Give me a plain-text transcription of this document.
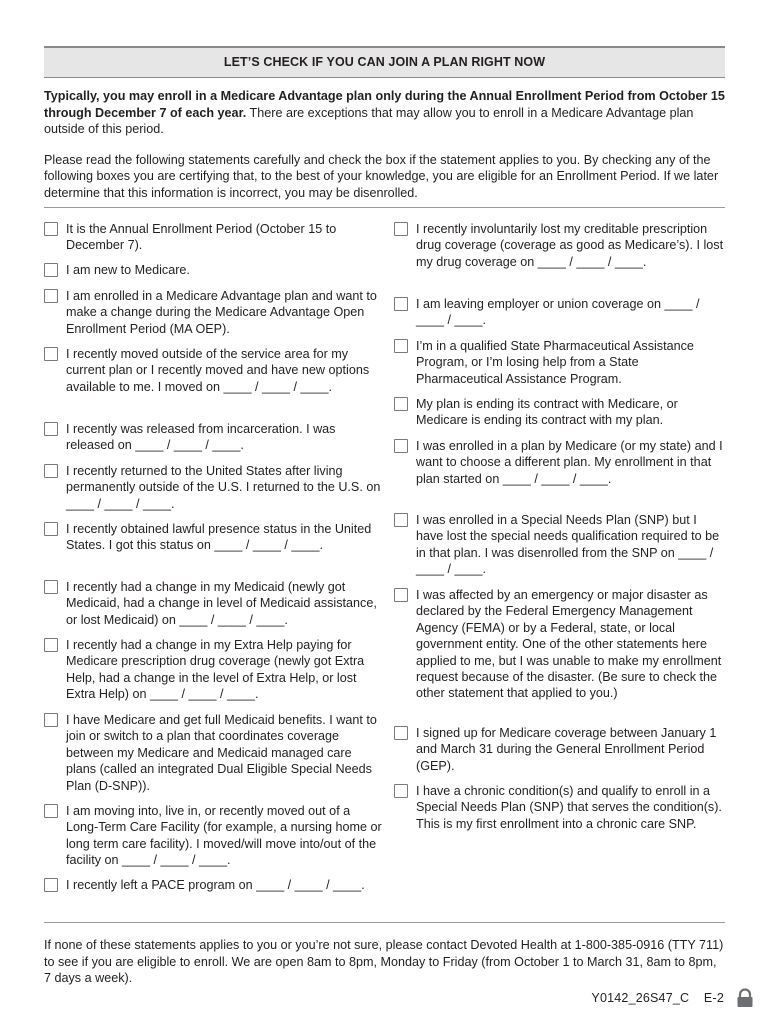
LET’S CHECK IF YOU CAN JOIN A PLAN RIGHT NOW
Typically, you may enroll in a Medicare Advantage plan only during the Annual Enrollment Period from October 15 through December 7 of each year. There are exceptions that may allow you to enroll in a Medicare Advantage plan outside of this period.
Please read the following statements carefully and check the box if the statement applies to you. By checking any of the following boxes you are certifying that, to the best of your knowledge, you are eligible for an Enrollment Period. If we later determine that this information is incorrect, you may be disenrolled.
It is the Annual Enrollment Period (October 15 to December 7).
I am new to Medicare.
I am enrolled in a Medicare Advantage plan and want to make a change during the Medicare Advantage Open Enrollment Period (MA OEP).
I recently moved outside of the service area for my current plan or I recently moved and have new options available to me. I moved on ____ / ____ / ____.
I recently was released from incarceration. I was released on ____ / ____ / ____.
I recently returned to the United States after living permanently outside of the U.S. I returned to the U.S. on ____ / ____ / ____.
I recently obtained lawful presence status in the United States. I got this status on ____ / ____ / ____.
I recently had a change in my Medicaid (newly got Medicaid, had a change in level of Medicaid assistance, or lost Medicaid) on ____ / ____ / ____.
I recently had a change in my Extra Help paying for Medicare prescription drug coverage (newly got Extra Help, had a change in the level of Extra Help, or lost Extra Help) on ____ / ____ / ____.
I have Medicare and get full Medicaid benefits. I want to join or switch to a plan that coordinates coverage between my Medicare and Medicaid managed care plans (called an integrated Dual Eligible Special Needs Plan (D-SNP)).
I am moving into, live in, or recently moved out of a Long-Term Care Facility (for example, a nursing home or long term care facility). I moved/will move into/out of the facility on ____ / ____ / ____.
I recently left a PACE program on ____ / ____ / ____.
I recently involuntarily lost my creditable prescription drug coverage (coverage as good as Medicare’s). I lost my drug coverage on ____ / ____ / ____.
I am leaving employer or union coverage on ____ / ____ / ____.
I’m in a qualified State Pharmaceutical Assistance Program, or I’m losing help from a State Pharmaceutical Assistance Program.
My plan is ending its contract with Medicare, or Medicare is ending its contract with my plan.
I was enrolled in a plan by Medicare (or my state) and I want to choose a different plan. My enrollment in that plan started on ____ / ____ / ____.
I was enrolled in a Special Needs Plan (SNP) but I have lost the special needs qualification required to be in that plan. I was disenrolled from the SNP on ____ / ____ / ____.
I was affected by an emergency or major disaster as declared by the Federal Emergency Management Agency (FEMA) or by a Federal, state, or local government entity. One of the other statements here applied to me, but I was unable to make my enrollment request because of the disaster. (Be sure to check the other statement that applied to you.)
I signed up for Medicare coverage between January 1 and March 31 during the General Enrollment Period (GEP).
I have a chronic condition(s) and qualify to enroll in a Special Needs Plan (SNP) that serves the condition(s). This is my first enrollment into a chronic care SNP.
If none of these statements applies to you or you’re not sure, please contact Devoted Health at 1-800-385-0916 (TTY 711) to see if you are eligible to enroll. We are open 8am to 8pm, Monday to Friday (from October 1 to March 31, 8am to 8pm, 7 days a week).
Y0142_26S47_C    E-2
